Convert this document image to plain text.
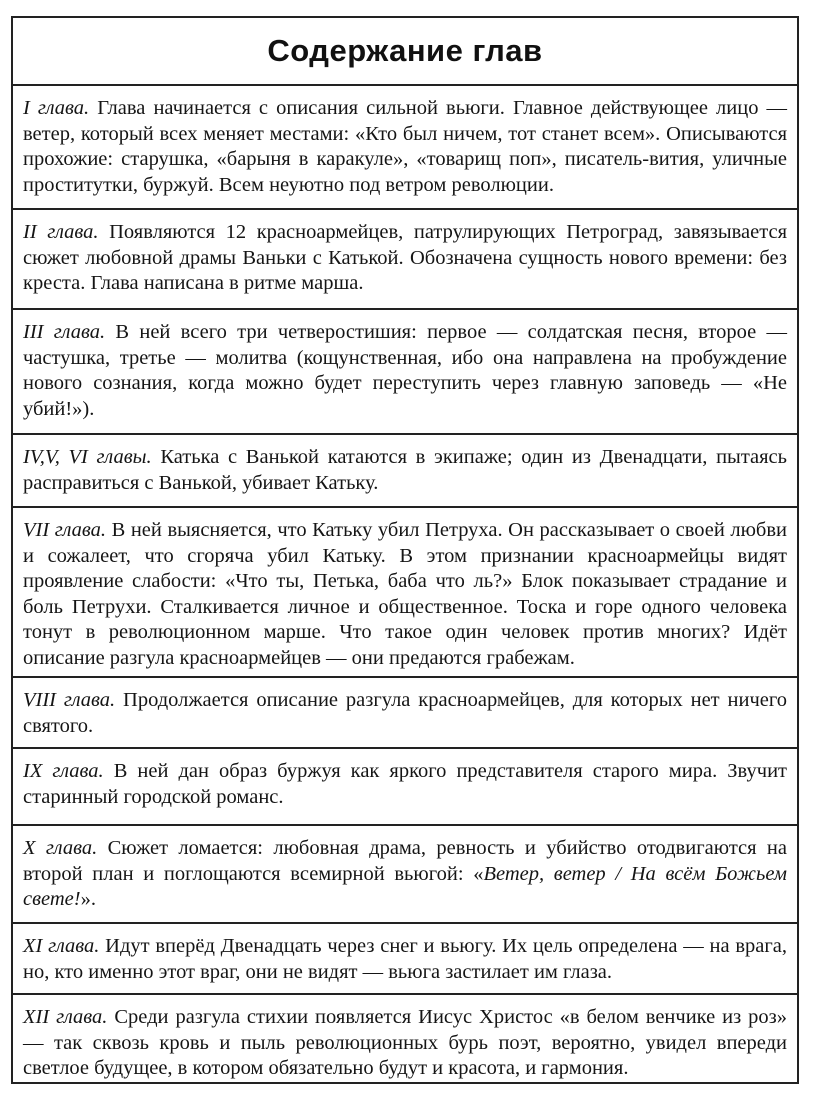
Содержание глав
I глава. Глава начинается с описания сильной вьюги. Главное действующее лицо — ветер, который всех меняет местами: «Кто был ничем, тот станет всем». Описываются прохожие: старушка, «барыня в каракуле», «товарищ поп», писатель-вития, уличные проститутки, буржуй. Всем неуютно под ветром революции.
II глава. Появляются 12 красноармейцев, патрулирующих Петроград, завязывается сюжет любовной драмы Ваньки с Катькой. Обозначена сущность нового времени: без креста. Глава написана в ритме марша.
III глава. В ней всего три четверостишия: первое — солдатская песня, второе — частушка, третье — молитва (кощунственная, ибо она направлена на пробуждение нового сознания, когда можно будет переступить через главную заповедь — «Не убий!»).
IV,V, VI главы. Катька с Ванькой катаются в экипаже; один из Двенадцати, пытаясь расправиться с Ванькой, убивает Катьку.
VII глава. В ней выясняется, что Катьку убил Петруха. Он рассказывает о своей любви и сожалеет, что сгоряча убил Катьку. В этом признании красноармейцы видят проявление слабости: «Что ты, Петька, баба что ль?» Блок показывает страдание и боль Петрухи. Сталкивается личное и общественное. Тоска и горе одного человека тонут в революционном марше. Что такое один человек против многих? Идёт описание разгула красноармейцев — они предаются грабежам.
VIII глава. Продолжается описание разгула красноармейцев, для которых нет ничего святого.
IX глава. В ней дан образ буржуя как яркого представителя старого мира. Звучит старинный городской романс.
X глава. Сюжет ломается: любовная драма, ревность и убийство отодвигаются на второй план и поглощаются всемирной вьюгой: «Ветер, ветер / На всём Божьем свете!».
XI глава. Идут вперёд Двенадцать через снег и вьюгу. Их цель определена — на врага, но, кто именно этот враг, они не видят — вьюга застилает им глаза.
XII глава. Среди разгула стихии появляется Иисус Христос «в белом венчике из роз» — так сквозь кровь и пыль революционных бурь поэт, вероятно, увидел впереди светлое будущее, в котором обязательно будут и красота, и гармония.
